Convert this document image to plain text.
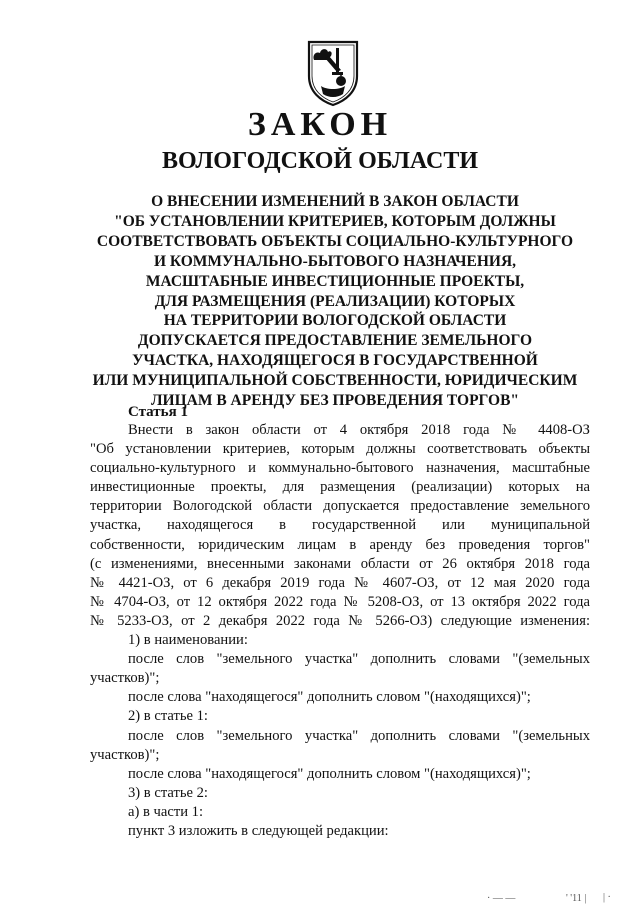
ЗАКОН
ВОЛОГОДСКОЙ ОБЛАСТИ
О ВНЕСЕНИИ ИЗМЕНЕНИЙ В ЗАКОН ОБЛАСТИ
"ОБ УСТАНОВЛЕНИИ КРИТЕРИЕВ, КОТОРЫМ ДОЛЖНЫ
СООТВЕТСТВОВАТЬ ОБЪЕКТЫ СОЦИАЛЬНО-КУЛЬТУРНОГО
И КОММУНАЛЬНО-БЫТОВОГО НАЗНАЧЕНИЯ,
МАСШТАБНЫЕ ИНВЕСТИЦИОННЫЕ ПРОЕКТЫ,
ДЛЯ РАЗМЕЩЕНИЯ (РЕАЛИЗАЦИИ) КОТОРЫХ
НА ТЕРРИТОРИИ ВОЛОГОДСКОЙ ОБЛАСТИ
ДОПУСКАЕТСЯ ПРЕДОСТАВЛЕНИЕ ЗЕМЕЛЬНОГО
УЧАСТКА, НАХОДЯЩЕГОСЯ В ГОСУДАРСТВЕННОЙ
ИЛИ МУНИЦИПАЛЬНОЙ СОБСТВЕННОСТИ, ЮРИДИЧЕСКИМ
ЛИЦАМ В АРЕНДУ БЕЗ ПРОВЕДЕНИЯ ТОРГОВ"
Статья 1

Внести в закон области от 4 октября 2018 года № 4408-ОЗ

"Об установлении критериев, которым должны соответствовать объекты

социально-культурного и коммунально-бытового назначения, масштабные

инвестиционные проекты, для размещения (реализации) которых на

территории Вологодской области допускается предоставление земельного

участка, находящегося в государственной или муниципальной

собственности, юридическим лицам в аренду без проведения торгов"

(с изменениями, внесенными законами области от 26 октября 2018 года

№ 4421-ОЗ, от 6 декабря 2019 года № 4607-ОЗ, от 12 мая 2020 года

№ 4704-ОЗ, от 12 октября 2022 года № 5208-ОЗ, от 13 октября 2022 года

№ 5233-ОЗ, от 2 декабря 2022 года № 5266-ОЗ) следующие изменения:

1) в наименовании:

после слов "земельного участка" дополнить словами "(земельных

участков)";

после слова "находящегося" дополнить словом "(находящихся)";

2) в статье 1:

после слов "земельного участка" дополнить словами "(земельных

участков)";

после слова "находящегося" дополнить словом "(находящихся)";

3) в статье 2:

а) в части 1:

пункт 3 изложить в следующей редакции:

· — —	' '11 | | ·
